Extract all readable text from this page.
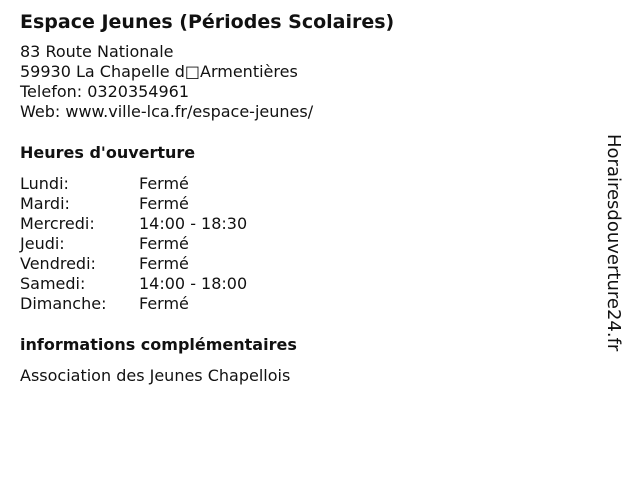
Espace Jeunes (Périodes Scolaires)
83 Route Nationale
59930 La Chapelle d□Armentières
Telefon: 0320354961
Web: www.ville-lca.fr/espace-jeunes/
Heures d'ouverture
Lundi:	Fermé
Mardi:	Fermé
Mercredi:	14:00 - 18:30
Jeudi:	Fermé
Vendredi:	Fermé
Samedi:	14:00 - 18:00
Dimanche:	Fermé
informations complémentaires
Association des Jeunes Chapellois
Horairesdouverture24.fr
